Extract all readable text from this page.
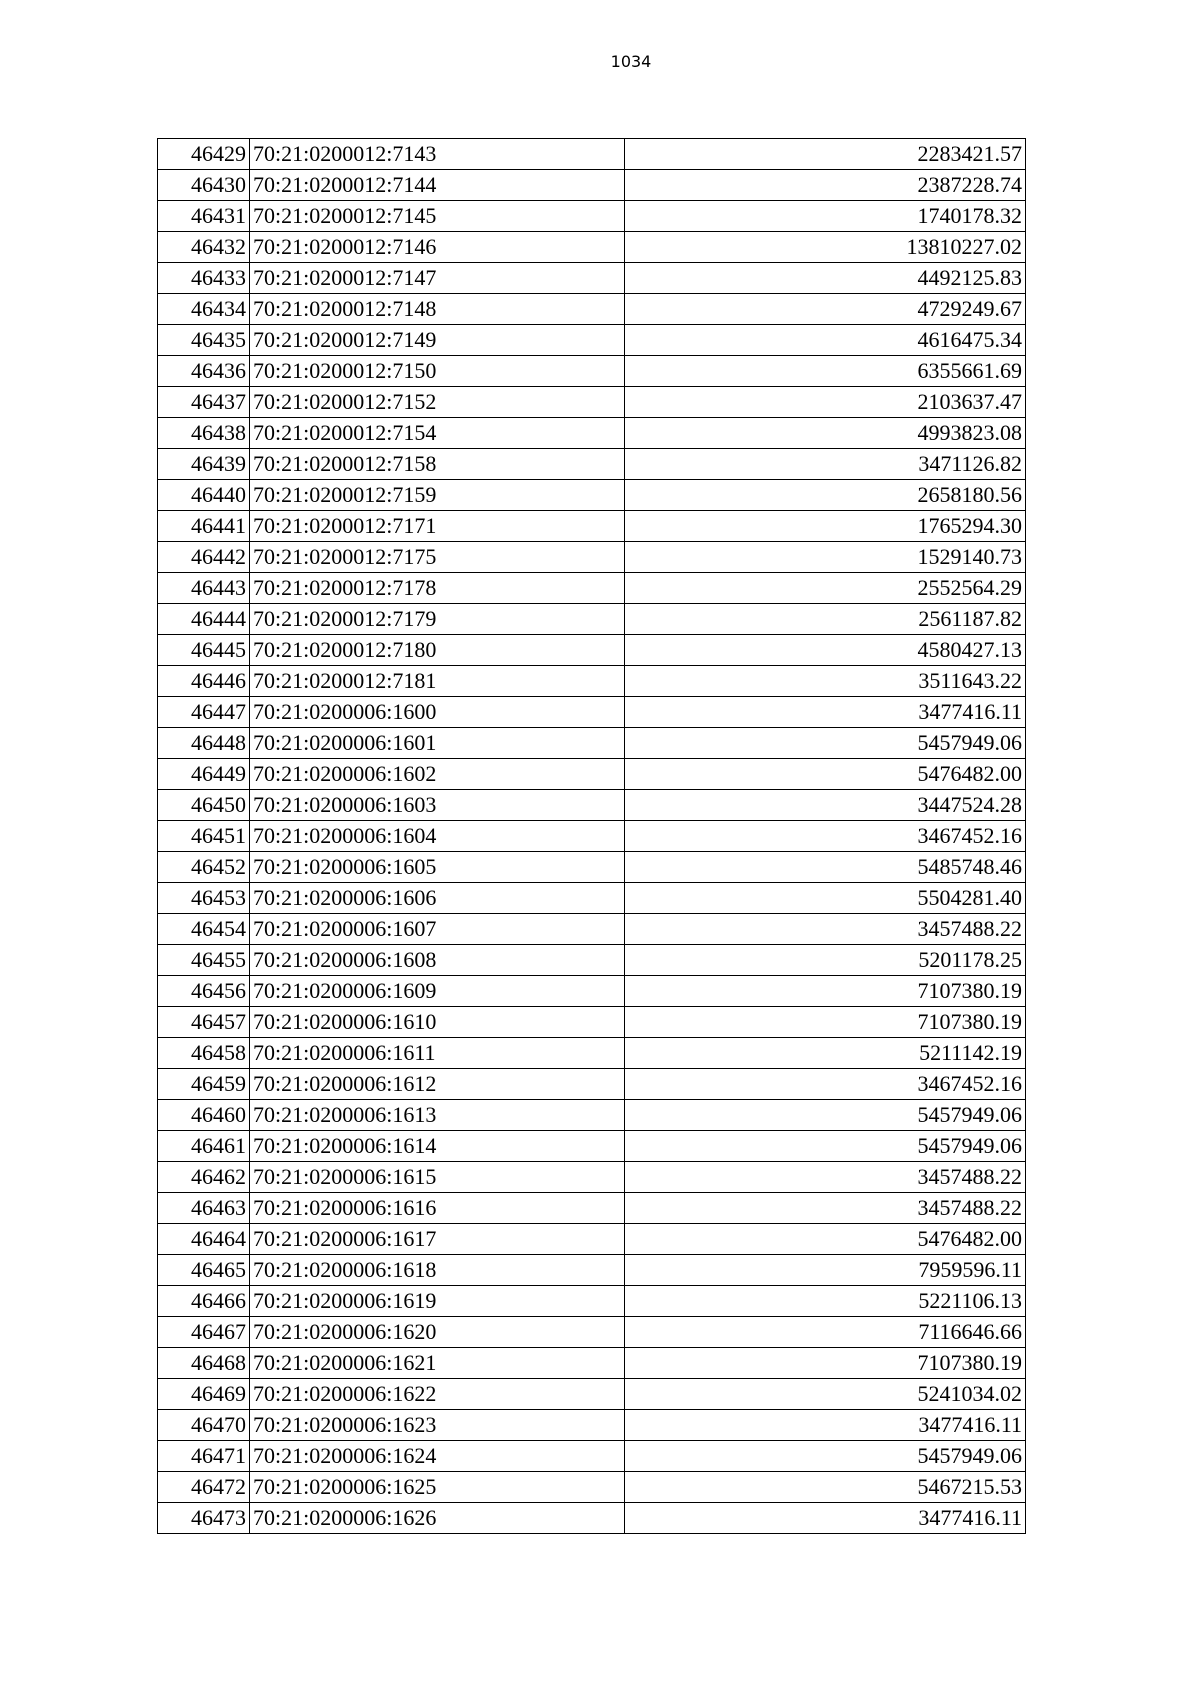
1034
46429	70:21:0200012:7143	2283421.57
46430	70:21:0200012:7144	2387228.74
46431	70:21:0200012:7145	1740178.32
46432	70:21:0200012:7146	13810227.02
46433	70:21:0200012:7147	4492125.83
46434	70:21:0200012:7148	4729249.67
46435	70:21:0200012:7149	4616475.34
46436	70:21:0200012:7150	6355661.69
46437	70:21:0200012:7152	2103637.47
46438	70:21:0200012:7154	4993823.08
46439	70:21:0200012:7158	3471126.82
46440	70:21:0200012:7159	2658180.56
46441	70:21:0200012:7171	1765294.30
46442	70:21:0200012:7175	1529140.73
46443	70:21:0200012:7178	2552564.29
46444	70:21:0200012:7179	2561187.82
46445	70:21:0200012:7180	4580427.13
46446	70:21:0200012:7181	3511643.22
46447	70:21:0200006:1600	3477416.11
46448	70:21:0200006:1601	5457949.06
46449	70:21:0200006:1602	5476482.00
46450	70:21:0200006:1603	3447524.28
46451	70:21:0200006:1604	3467452.16
46452	70:21:0200006:1605	5485748.46
46453	70:21:0200006:1606	5504281.40
46454	70:21:0200006:1607	3457488.22
46455	70:21:0200006:1608	5201178.25
46456	70:21:0200006:1609	7107380.19
46457	70:21:0200006:1610	7107380.19
46458	70:21:0200006:1611	5211142.19
46459	70:21:0200006:1612	3467452.16
46460	70:21:0200006:1613	5457949.06
46461	70:21:0200006:1614	5457949.06
46462	70:21:0200006:1615	3457488.22
46463	70:21:0200006:1616	3457488.22
46464	70:21:0200006:1617	5476482.00
46465	70:21:0200006:1618	7959596.11
46466	70:21:0200006:1619	5221106.13
46467	70:21:0200006:1620	7116646.66
46468	70:21:0200006:1621	7107380.19
46469	70:21:0200006:1622	5241034.02
46470	70:21:0200006:1623	3477416.11
46471	70:21:0200006:1624	5457949.06
46472	70:21:0200006:1625	5467215.53
46473	70:21:0200006:1626	3477416.11
